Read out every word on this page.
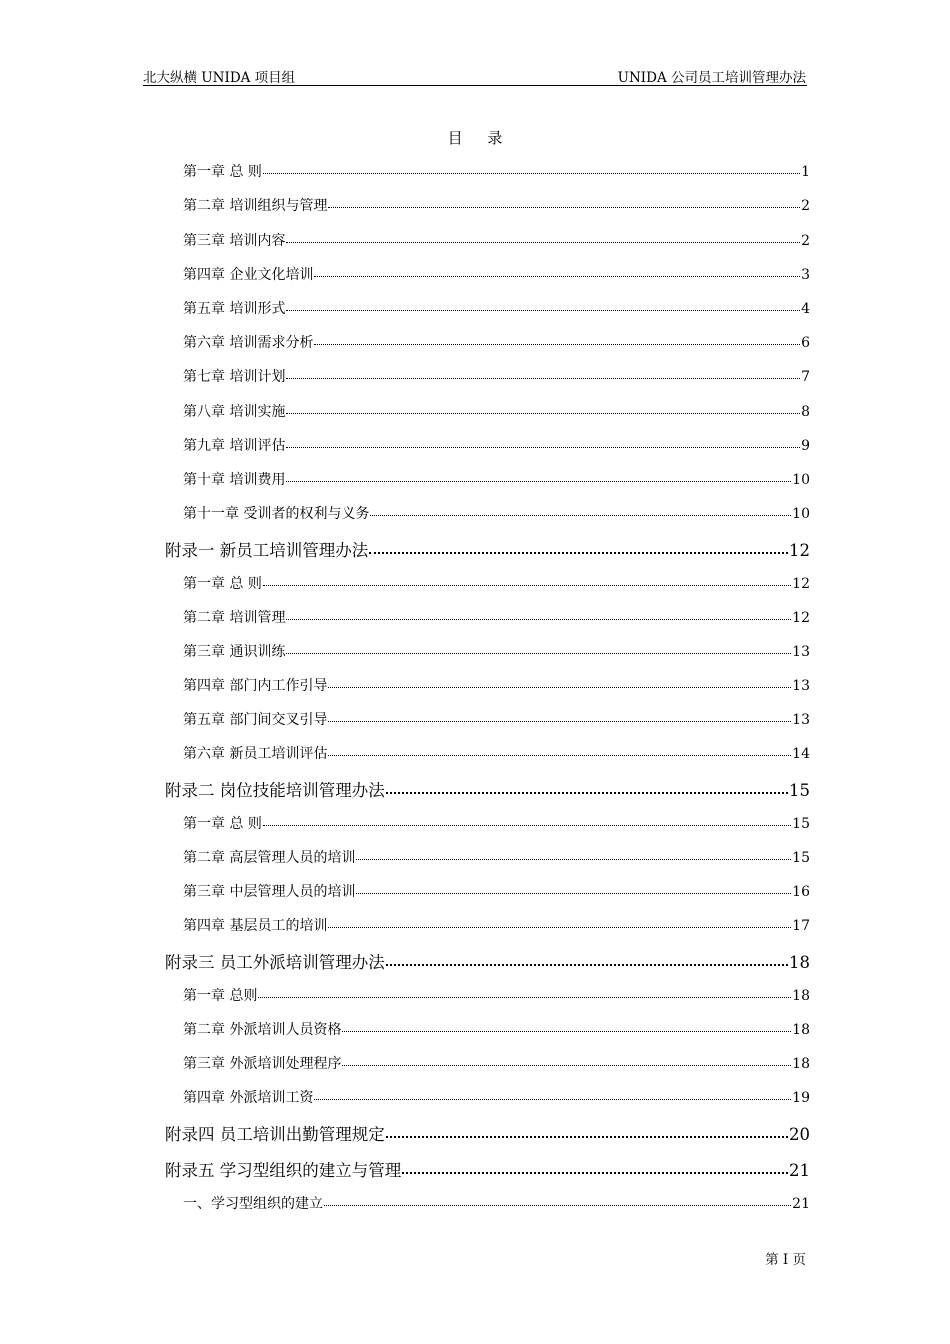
北大纵横 UNIDA 项目组	UNIDA 公司员工培训管理办法
目 录
第一章 总 则	1
第二章 培训组织与管理	2
第三章 培训内容	2
第四章 企业文化培训	3
第五章 培训形式	4
第六章 培训需求分析	6
第七章 培训计划	7
第八章 培训实施	8
第九章 培训评估	9
第十章 培训费用	10
第十一章 受训者的权利与义务	10
附录一 新员工培训管理办法	12
第一章 总 则	12
第二章 培训管理	12
第三章 通识训练	13
第四章 部门内工作引导	13
第五章 部门间交叉引导	13
第六章 新员工培训评估	14
附录二 岗位技能培训管理办法	15
第一章 总 则	15
第二章 高层管理人员的培训	15
第三章 中层管理人员的培训	16
第四章 基层员工的培训	17
附录三 员工外派培训管理办法	18
第一章 总则	18
第二章 外派培训人员资格	18
第三章 外派培训处理程序	18
第四章 外派培训工资	19
附录四 员工培训出勤管理规定	20
附录五 学习型组织的建立与管理	21
一、学习型组织的建立	21
第 I 页
